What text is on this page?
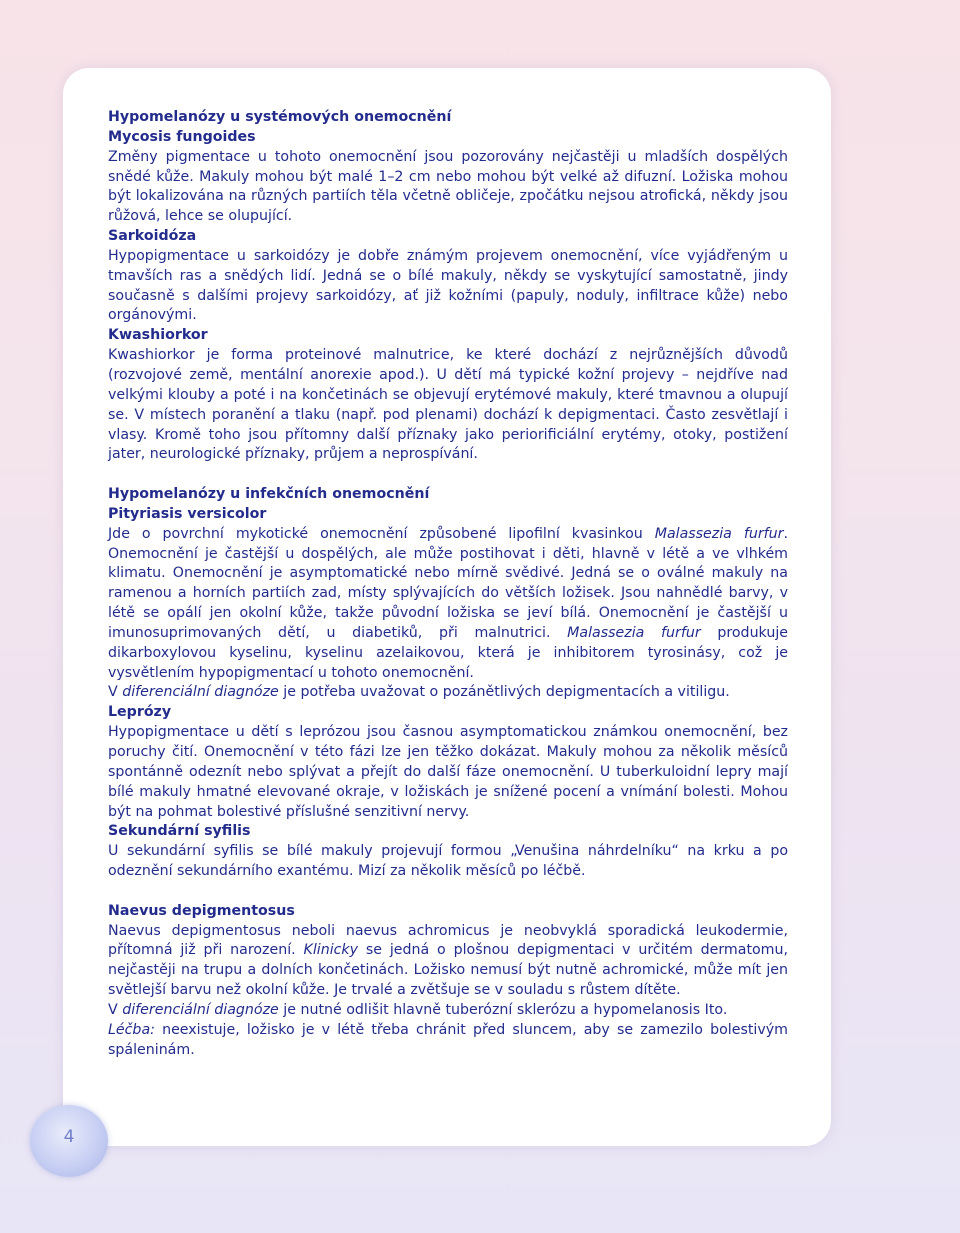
Hypomelanózy u systémových onemocnění

Mycosis fungoides

Změny pigmentace u tohoto onemocnění jsou pozorovány nejčastěji u mladších dospělých snědé kůže. Makuly mohou být malé 1–2 cm nebo mohou být velké až difuzní. Ložiska mohou být lokalizována na různých partiích těla včetně obličeje, zpočátku nejsou atrofická, někdy jsou růžová, lehce se olupující.

Sarkoidóza

Hypopigmentace u sarkoidózy je dobře známým projevem onemocnění, více vyjádřeným u tmavších ras a snědých lidí. Jedná se o bílé makuly, někdy se vyskytující samostatně, jindy současně s dalšími projevy sarkoidózy, ať již kožními (papuly, noduly, infiltrace kůže) nebo orgánovými.

Kwashiorkor

Kwashiorkor je forma proteinové malnutrice, ke které dochází z nejrůznějších důvodů (rozvojové země, mentální anorexie apod.). U dětí má typické kožní projevy – nejdříve nad velkými klouby a poté i na končetinách se objevují erytémové makuly, které tmavnou a olupují se. V místech poranění a tlaku (např. pod plenami) dochází k depigmentaci. Často zesvětlají i vlasy. Kromě toho jsou přítomny další příznaky jako periorificiální erytémy, otoky, postižení jater, neurologické příznaky, průjem a neprospívání.

Hypomelanózy u infekčních onemocnění

Pityriasis versicolor

Jde o povrchní mykotické onemocnění způsobené lipofilní kvasinkou Malassezia furfur. Onemocnění je častější u dospělých, ale může postihovat i děti, hlavně v létě a ve vlhkém klimatu. Onemocnění je asymptomatické nebo mírně svědivé. Jedná se o oválné makuly na ramenou a horních partiích zad, místy splývajících do větších ložisek. Jsou nahnědlé barvy, v létě se opálí jen okolní kůže, takže původní ložiska se jeví bílá. Onemocnění je častější u imunosuprimovaných dětí, u diabetiků, při malnutrici. Malassezia furfur produkuje dikarboxylovou kyselinu, kyselinu azelaikovou, která je inhibitorem tyrosinásy, což je vysvětlením hypopigmentací u tohoto onemocnění.

V diferenciální diagnóze je potřeba uvažovat o pozánětlivých depigmentacích a vitiligu.

Leprózy

Hypopigmentace u dětí s leprózou jsou časnou asymptomatickou známkou onemocnění, bez poruchy čití. Onemocnění v této fázi lze jen těžko dokázat. Makuly mohou za několik měsíců spontánně odeznít nebo splývat a přejít do další fáze onemocnění. U tuberkuloidní lepry mají bílé makuly hmatné elevované okraje, v ložiskách je snížené pocení a vnímání bolesti. Mohou být na pohmat bolestivé příslušné senzitivní nervy.

Sekundární syfilis

U sekundární syfilis se bílé makuly projevují formou „Venušina náhrdelníku“ na krku a po odeznění sekundárního exantému. Mizí za několik měsíců po léčbě.

Naevus depigmentosus

Naevus depigmentosus neboli naevus achromicus je neobvyklá sporadická leukodermie, přítomná již při narození. Klinicky se jedná o plošnou depigmentaci v určitém dermatomu, nejčastěji na trupu a dolních končetinách. Ložisko nemusí být nutně achromické, může mít jen světlejší barvu než okolní kůže. Je trvalé a zvětšuje se v souladu s růstem dítěte.

V diferenciální diagnóze je nutné odlišit hlavně tuberózní sklerózu a hypomelanosis Ito.

Léčba: neexistuje, ložisko je v létě třeba chránit před sluncem, aby se zamezilo bolestivým spáleninám.

4
